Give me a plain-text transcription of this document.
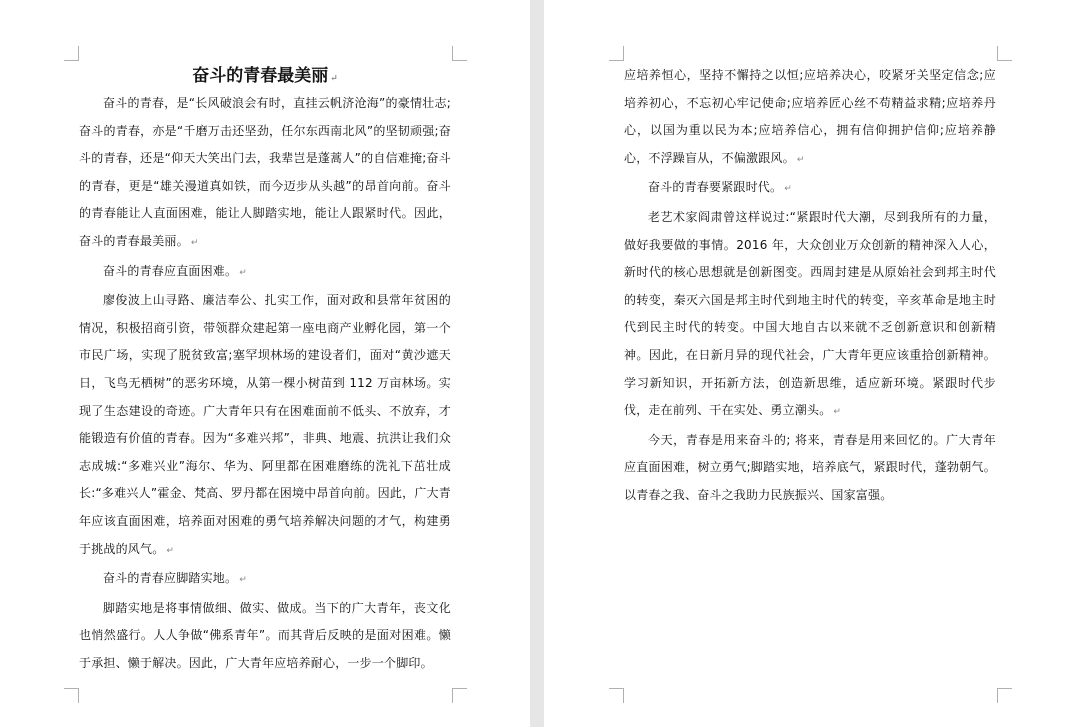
奋斗的青春最美丽 ↵

奋斗的青春，是“长风破浪会有时，直挂云帆济沧海”的豪情壮志;奋斗的青春，亦是“千磨万击还坚劲，任尔东西南北风”的坚韧顽强;奋斗的青春，还是“仰天大笑出门去，我辈岂是蓬蒿人”的自信难掩;奋斗的青春，更是“雄关漫道真如铁，而今迈步从头越”的昂首向前。奋斗的青春能让人直面困难，能让人脚踏实地，能让人跟紧时代。因此，奋斗的青春最美丽。 ↵

奋斗的青春应直面困难。 ↵

廖俊波上山寻路、廉洁奉公、扎实工作，面对政和县常年贫困的情况，积极招商引资，带领群众建起第一座电商产业孵化园，第一个市民广场，实现了脱贫致富;塞罕坝林场的建设者们，面对“黄沙遮天日，飞鸟无栖树”的恶劣环境，从第一棵小树苗到 112 万亩林场。实现了生态建设的奇迹。广大青年只有在困难面前不低头、不放弃，才能锻造有价值的青春。因为“多难兴邦”，非典、地震、抗洪让我们众志成城:“多难兴业”海尔、华为、阿里都在困难磨练的洗礼下茁壮成长:“多难兴人”霍金、梵高、罗丹都在困境中昂首向前。因此，广大青年应该直面困难，培养面对困难的勇气培养解决问题的才气，构建勇于挑战的风气。 ↵

奋斗的青春应脚踏实地。 ↵

脚踏实地是将事情做细、做实、做成。当下的广大青年，丧文化也悄然盛行。人人争做“佛系青年”。而其背后反映的是面对困难。懒于承担、懒于解决。因此，广大青年应培养耐心，一步一个脚印。

应培养恒心，坚持不懈持之以恒;应培养决心，咬紧牙关坚定信念;应培养初心，不忘初心牢记使命;应培养匠心丝不苟精益求精;应培养丹心，以国为重以民为本;应培养信心，拥有信仰拥护信仰;应培养静心，不浮躁盲从，不偏激跟风。 ↵

奋斗的青春要紧跟时代。 ↵

老艺术家阎肃曾这样说过:“紧跟时代大潮，尽到我所有的力量，做好我要做的事情。2016 年，大众创业万众创新的精神深入人心，新时代的核心思想就是创新图变。西周封建是从原始社会到邦主时代的转变，秦灭六国是邦主时代到地主时代的转变，辛亥革命是地主时代到民主时代的转变。中国大地自古以来就不乏创新意识和创新精神。因此，在日新月异的现代社会，广大青年更应该重拾创新精神。学习新知识，开拓新方法，创造新思维，适应新环境。紧跟时代步伐，走在前列、干在实处、勇立潮头。 ↵

今天，青春是用来奋斗的; 将来，青春是用来回忆的。广大青年应直面困难，树立勇气;脚踏实地，培养底气，紧跟时代，蓬勃朝气。以青春之我、奋斗之我助力民族振兴、国家富强。
